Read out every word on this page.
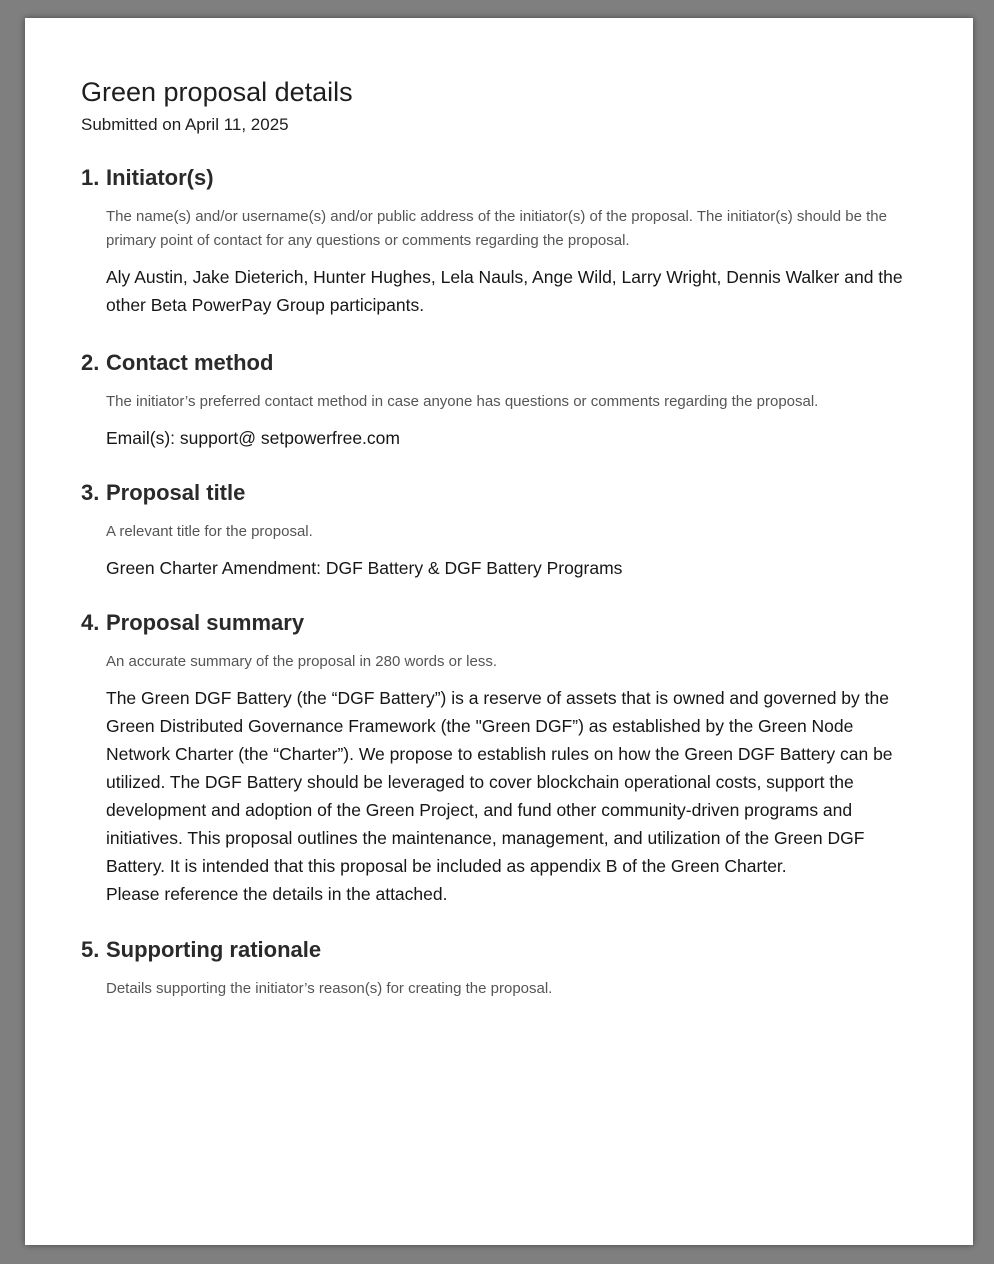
Green proposal details

Submitted on April 11, 2025

1. Initiator(s)

The name(s) and/or username(s) and/or public address of the initiator(s) of the proposal. The initiator(s) should be the primary point of contact for any questions or comments regarding the proposal.

Aly Austin, Jake Dieterich, Hunter Hughes, Lela Nauls, Ange Wild, Larry Wright, Dennis Walker and the other Beta PowerPay Group participants.

2. Contact method

The initiator’s preferred contact method in case anyone has questions or comments regarding the proposal.

Email(s): support@ setpowerfree.com

3. Proposal title

A relevant title for the proposal.

Green Charter Amendment: DGF Battery & DGF Battery Programs

4. Proposal summary

An accurate summary of the proposal in 280 words or less.

The Green DGF Battery (the “DGF Battery”) is a reserve of assets that is owned and governed by the Green Distributed Governance Framework (the "Green DGF”) as established by the Green Node Network Charter (the “Charter”). We propose to establish rules on how the Green DGF Battery can be utilized. The DGF Battery should be leveraged to cover blockchain operational costs, support the development and adoption of the Green Project, and fund other community-driven programs and initiatives. This proposal outlines the maintenance, management, and utilization of the Green DGF Battery. It is intended that this proposal be included as appendix B of the Green Charter.
Please reference the details in the attached.

5. Supporting rationale

Details supporting the initiator’s reason(s) for creating the proposal.
